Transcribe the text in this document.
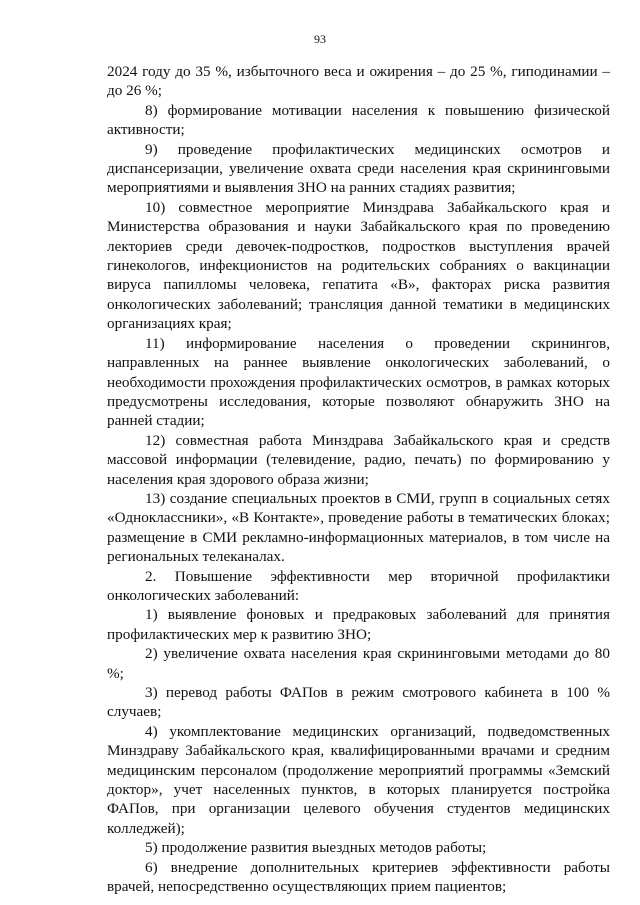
93

2024 году до 35 %, избыточного веса и ожирения – до 25 %, гиподинамии – до 26 %;

8) формирование мотивации населения к повышению физической активности;

9) проведение профилактических медицинских осмотров и диспансеризации, увеличение охвата среди населения края скрининговыми мероприятиями и выявления ЗНО на ранних стадиях развития;

10) совместное мероприятие Минздрава Забайкальского края и Министерства образования и науки Забайкальского края по проведению лекториев среди девочек-подростков, подростков выступления врачей гинекологов, инфекционистов на родительских собраниях о вакцинации вируса папилломы человека, гепатита «В», факторах риска развития онкологических заболеваний; трансляция данной тематики в медицинских организациях края;

11) информирование населения о проведении скринингов, направленных на раннее выявление онкологических заболеваний, о необходимости прохождения профилактических осмотров, в рамках которых предусмотрены исследования, которые позволяют обнаружить ЗНО на ранней стадии;

12) совместная работа Минздрава Забайкальского края и средств массовой информации (телевидение, радио, печать) по формированию у населения края здорового образа жизни;

13) создание специальных проектов в СМИ, групп в социальных сетях «Одноклассники», «В Контакте», проведение работы в тематических блоках; размещение в СМИ рекламно-информационных материалов, в том числе на региональных телеканалах.

2. Повышение эффективности мер вторичной профилактики онкологических заболеваний:

1) выявление фоновых и предраковых заболеваний для принятия профилактических мер к развитию ЗНО;

2) увеличение охвата населения края скрининговыми методами до 80 %;

3) перевод работы ФАПов в режим смотрового кабинета в 100 % случаев;

4) укомплектование медицинских организаций, подведомственных Минздраву Забайкальского края, квалифицированными врачами и средним медицинским персоналом (продолжение мероприятий программы «Земский доктор», учет населенных пунктов, в которых планируется постройка ФАПов, при организации целевого обучения студентов медицинских колледжей);

5) продолжение развития выездных методов работы;

6) внедрение дополнительных критериев эффективности работы врачей, непосредственно осуществляющих прием пациентов;
